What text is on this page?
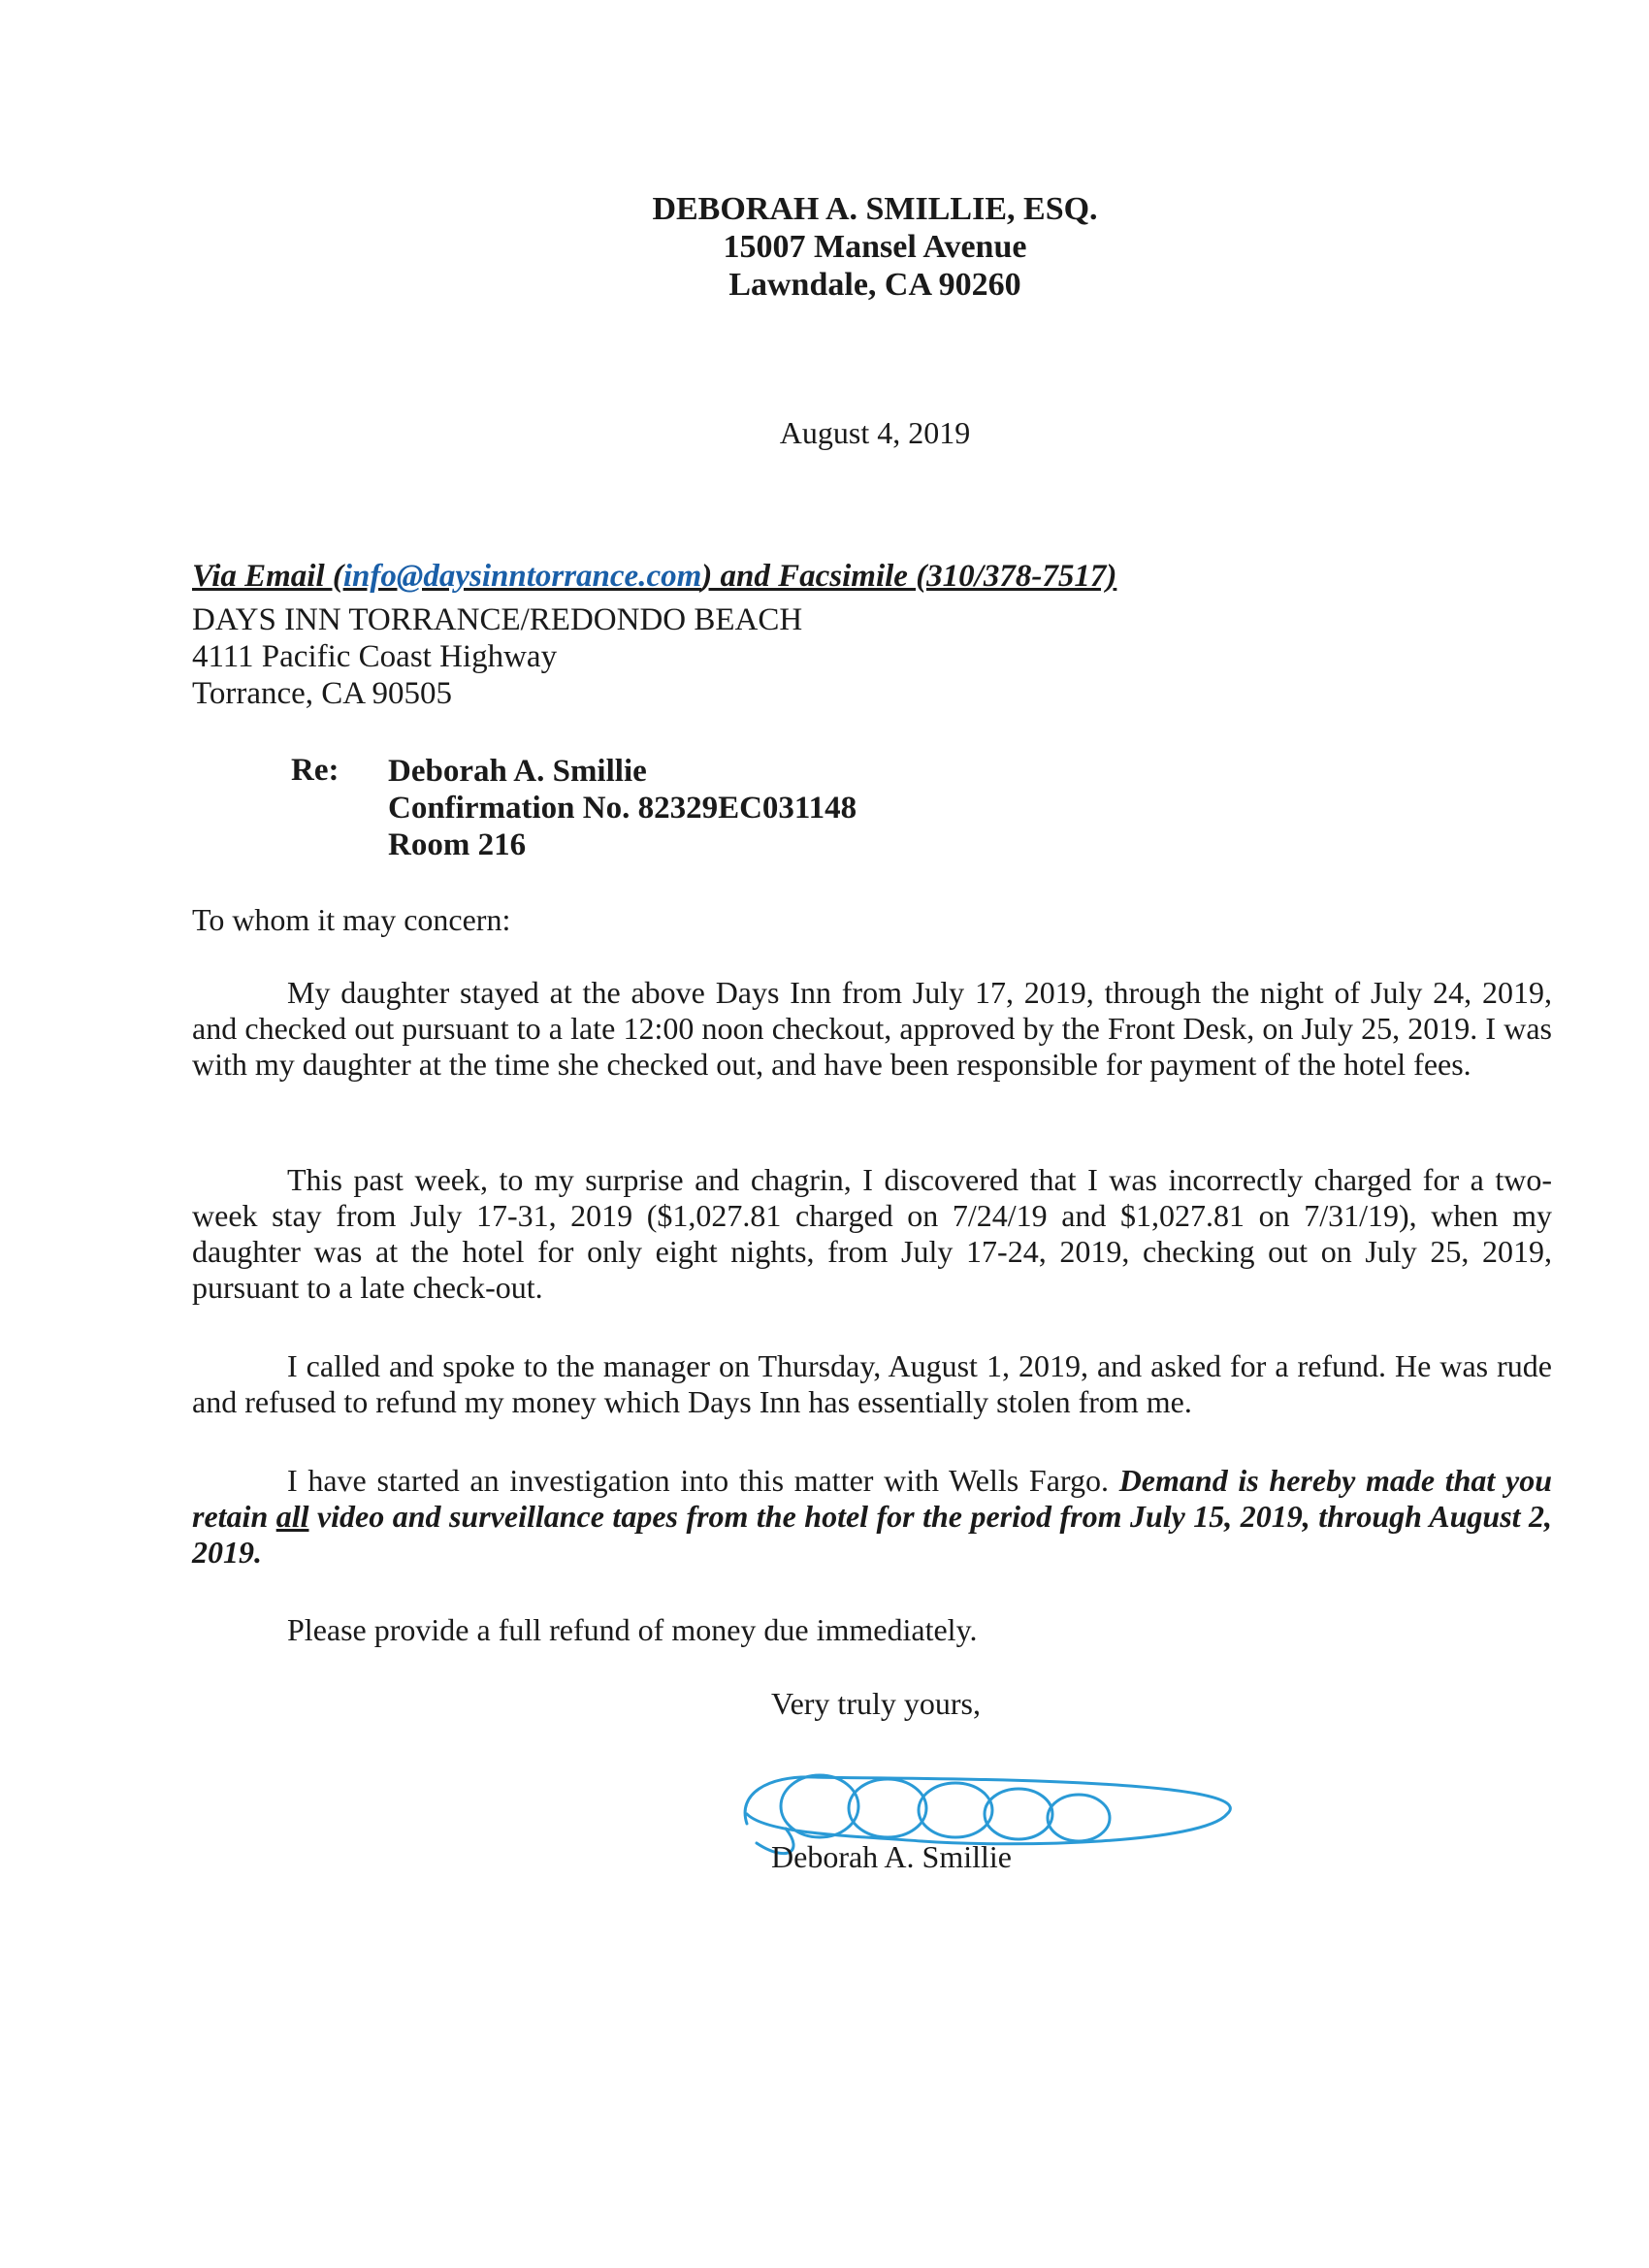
DEBORAH A. SMILLIE, ESQ.
15007 Mansel Avenue
Lawndale, CA 90260
August 4, 2019
Via Email (info@daysinntorrance.com) and Facsimile (310/378-7517)
DAYS INN TORRANCE/REDONDO BEACH
4111 Pacific Coast Highway
Torrance, CA 90505
Re: Deborah A. Smillie
Confirmation No. 82329EC031148
Room 216
To whom it may concern:
My daughter stayed at the above Days Inn from July 17, 2019, through the night of July 24, 2019, and checked out pursuant to a late 12:00 noon checkout, approved by the Front Desk, on July 25, 2019. I was with my daughter at the time she checked out, and have been responsible for payment of the hotel fees.
This past week, to my surprise and chagrin, I discovered that I was incorrectly charged for a two-week stay from July 17-31, 2019 ($1,027.81 charged on 7/24/19 and $1,027.81 on 7/31/19), when my daughter was at the hotel for only eight nights, from July 17-24, 2019, checking out on July 25, 2019, pursuant to a late check-out.
I called and spoke to the manager on Thursday, August 1, 2019, and asked for a refund. He was rude and refused to refund my money which Days Inn has essentially stolen from me.
I have started an investigation into this matter with Wells Fargo. Demand is hereby made that you retain all video and surveillance tapes from the hotel for the period from July 15, 2019, through August 2, 2019.
Please provide a full refund of money due immediately.
Very truly yours,
Deborah A. Smillie
